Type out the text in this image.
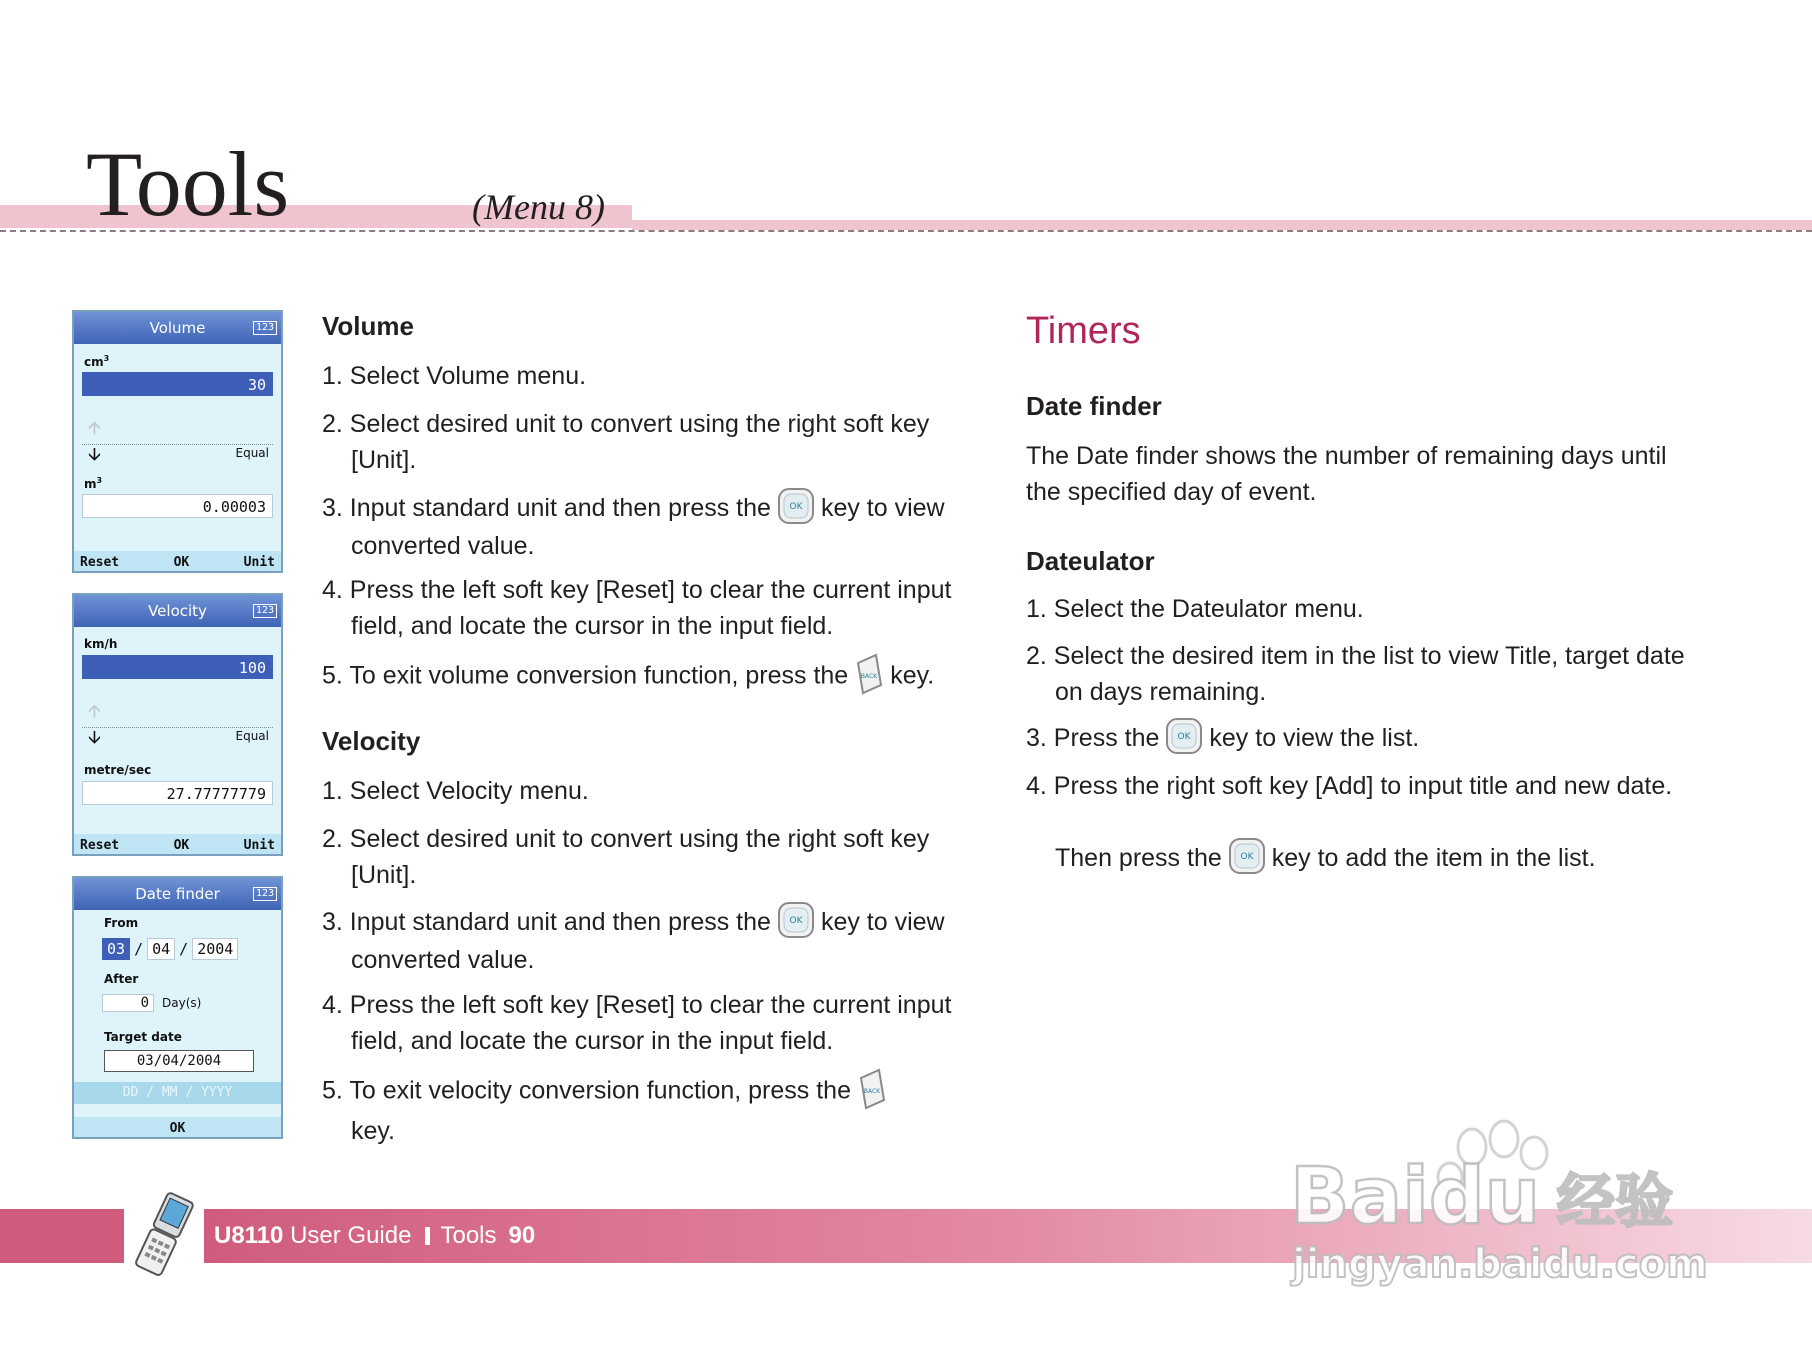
Tools	(Menu 8)
Volume	123
$cm^3$
30
🡩
🡫	Equal
$m^3$
0.00003
Reset	OK	Unit
Velocity	123
km/h
100
🡩
🡫	Equal
metre/sec
27.77777779
Reset	OK	Unit
Date finder	123
From
03 / 04 / 2004
After
0	Day(s)
Target date
03/04/2004
DD / MM / YYYY
OK
Volume
1. Select Volume menu.
2. Select desired unit to convert using the right soft key [Unit].
3. Input standard unit and then press the OK key to view converted value.
4. Press the left soft key [Reset] to clear the current input field, and locate the cursor in the input field.
5. To exit volume conversion function, press the BACK key.
Velocity
1. Select Velocity menu.
2. Select desired unit to convert using the right soft key [Unit].
3. Input standard unit and then press the OK key to view converted value.
4. Press the left soft key [Reset] to clear the current input field, and locate the cursor in the input field.
5. To exit velocity conversion function, press the BACK

key.
Timers
Date finder
The Date finder shows the number of remaining days until the specified day of event.
Dateulator
1. Select the Dateulator menu.
2. Select the desired item in the list to view Title, target date on days remaining.
3. Press the OK key to view the list.
4. Press the right soft key [Add] to input title and new date.
Then press the OK key to add the item in the list.
U8110 User Guide Tools 90	Baidu 经验
jingyan.baidu.com
